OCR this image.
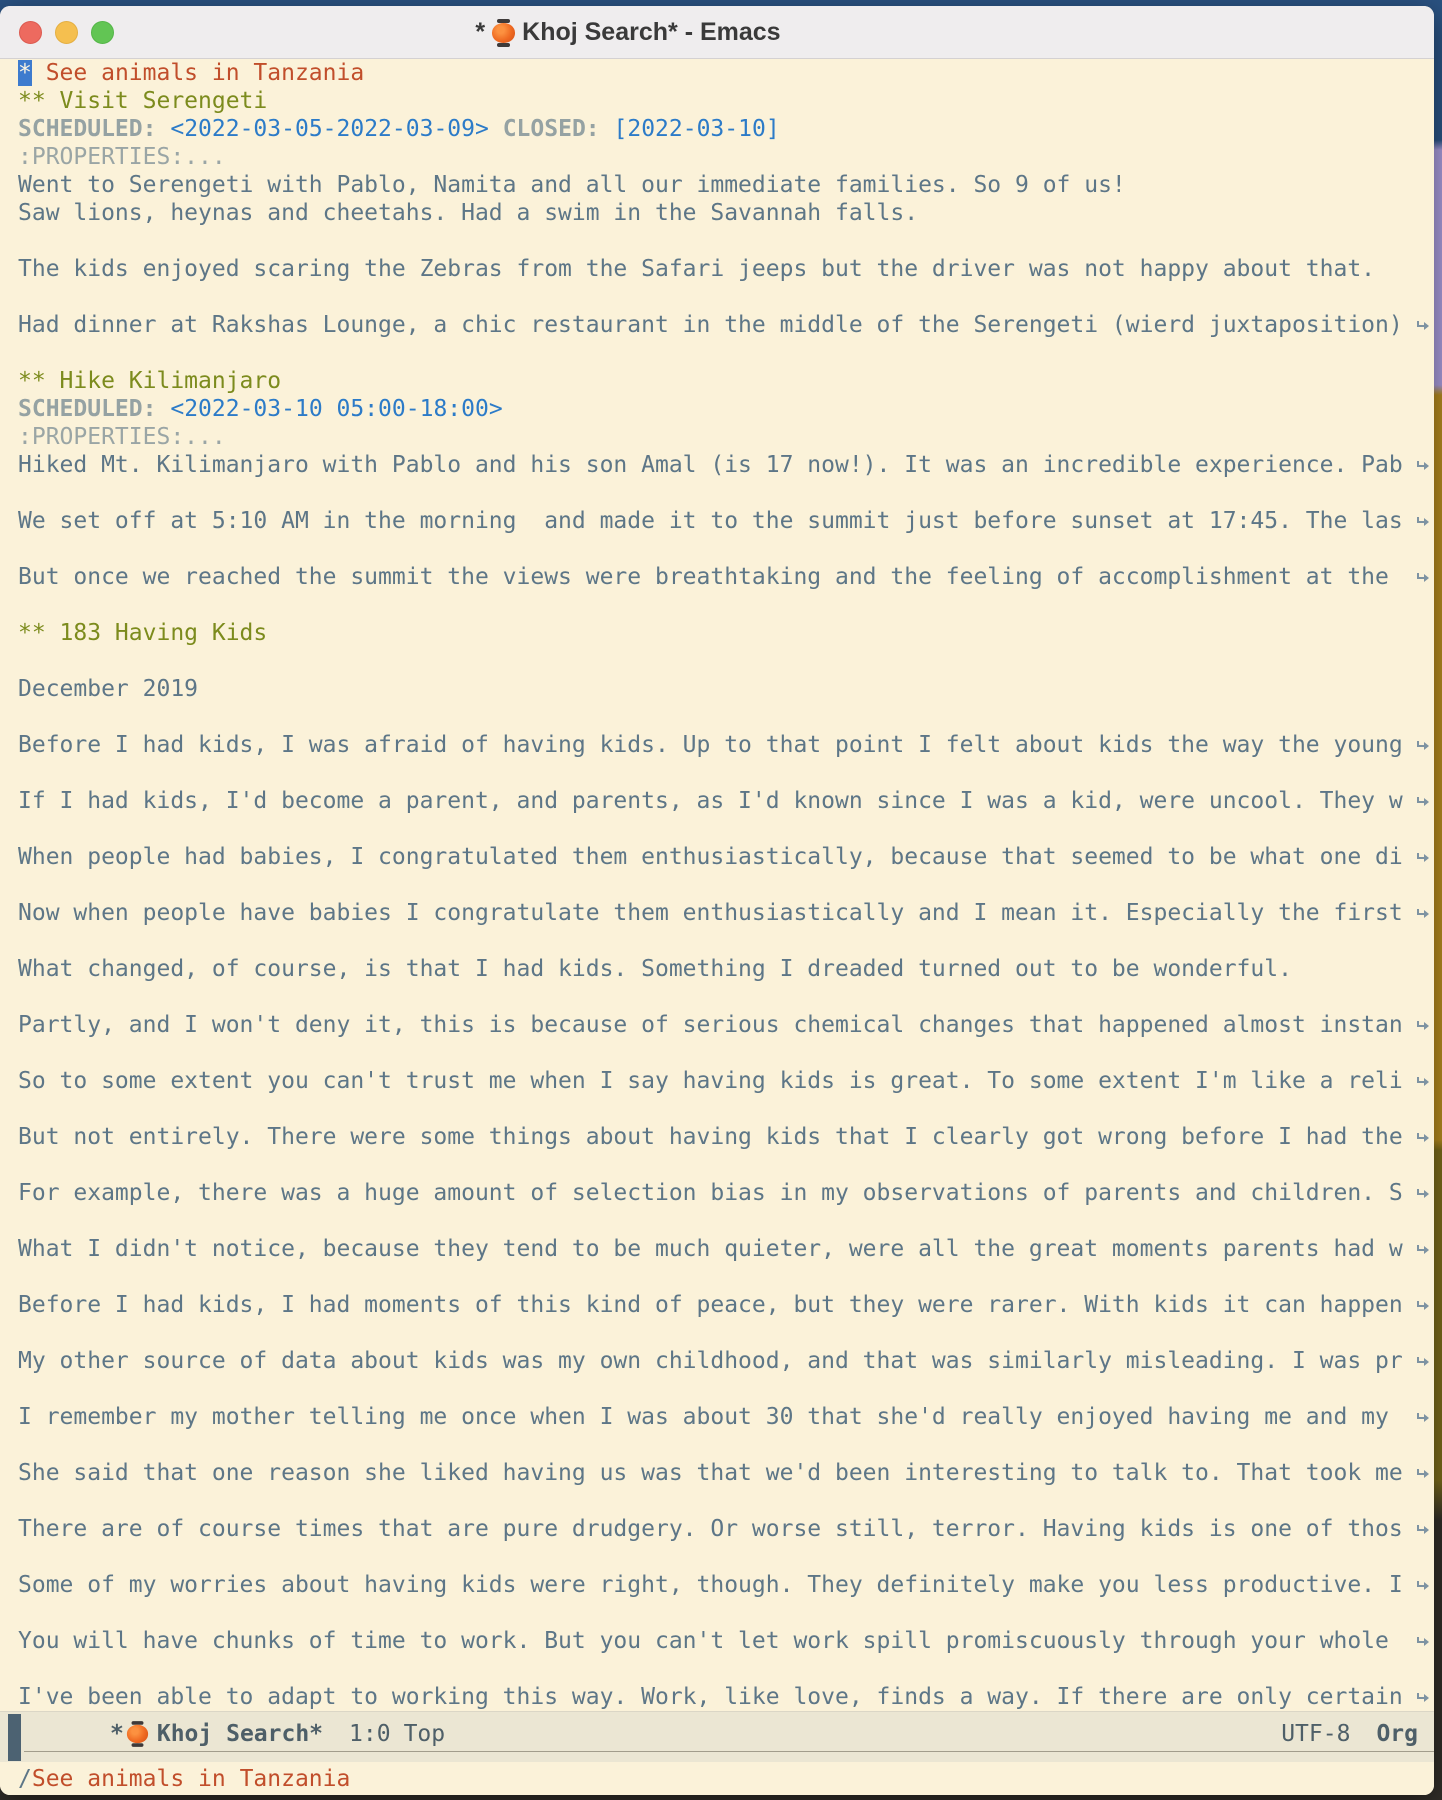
* Khoj Search* - Emacs
* See animals in Tanzania
** Visit Serengeti
SCHEDULED: <2022-03-05-2022-03-09> CLOSED: [2022-03-10]
:PROPERTIES:...
Went to Serengeti with Pablo, Namita and all our immediate families. So 9 of us!
Saw lions, heynas and cheetahs. Had a swim in the Savannah falls.
The kids enjoyed scaring the Zebras from the Safari jeeps but the driver was not happy about that.
Had dinner at Rakshas Lounge, a chic restaurant in the middle of the Serengeti (wierd juxtaposition)
** Hike Kilimanjaro
SCHEDULED: <2022-03-10 05:00-18:00>
:PROPERTIES:...
Hiked Mt. Kilimanjaro with Pablo and his son Amal (is 17 now!). It was an incredible experience. Pab
We set off at 5:10 AM in the morning  and made it to the summit just before sunset at 17:45. The las
But once we reached the summit the views were breathtaking and the feeling of accomplishment at the
** 183 Having Kids
December 2019
Before I had kids, I was afraid of having kids. Up to that point I felt about kids the way the young
If I had kids, I'd become a parent, and parents, as I'd known since I was a kid, were uncool. They w
When people had babies, I congratulated them enthusiastically, because that seemed to be what one di
Now when people have babies I congratulate them enthusiastically and I mean it. Especially the first
What changed, of course, is that I had kids. Something I dreaded turned out to be wonderful.
Partly, and I won't deny it, this is because of serious chemical changes that happened almost instan
So to some extent you can't trust me when I say having kids is great. To some extent I'm like a reli
But not entirely. There were some things about having kids that I clearly got wrong before I had the
For example, there was a huge amount of selection bias in my observations of parents and children. S
What I didn't notice, because they tend to be much quieter, were all the great moments parents had w
Before I had kids, I had moments of this kind of peace, but they were rarer. With kids it can happen
My other source of data about kids was my own childhood, and that was similarly misleading. I was pr
I remember my mother telling me once when I was about 30 that she'd really enjoyed having me and my
She said that one reason she liked having us was that we'd been interesting to talk to. That took me
There are of course times that are pure drudgery. Or worse still, terror. Having kids is one of thos
Some of my worries about having kids were right, though. They definitely make you less productive. I
You will have chunks of time to work. But you can't let work spill promiscuously through your whole
I've been able to adapt to working this way. Work, like love, finds a way. If there are only certain
* Khoj Search* 1:0 Top	UTF-8 Org
/ See animals in Tanzania
